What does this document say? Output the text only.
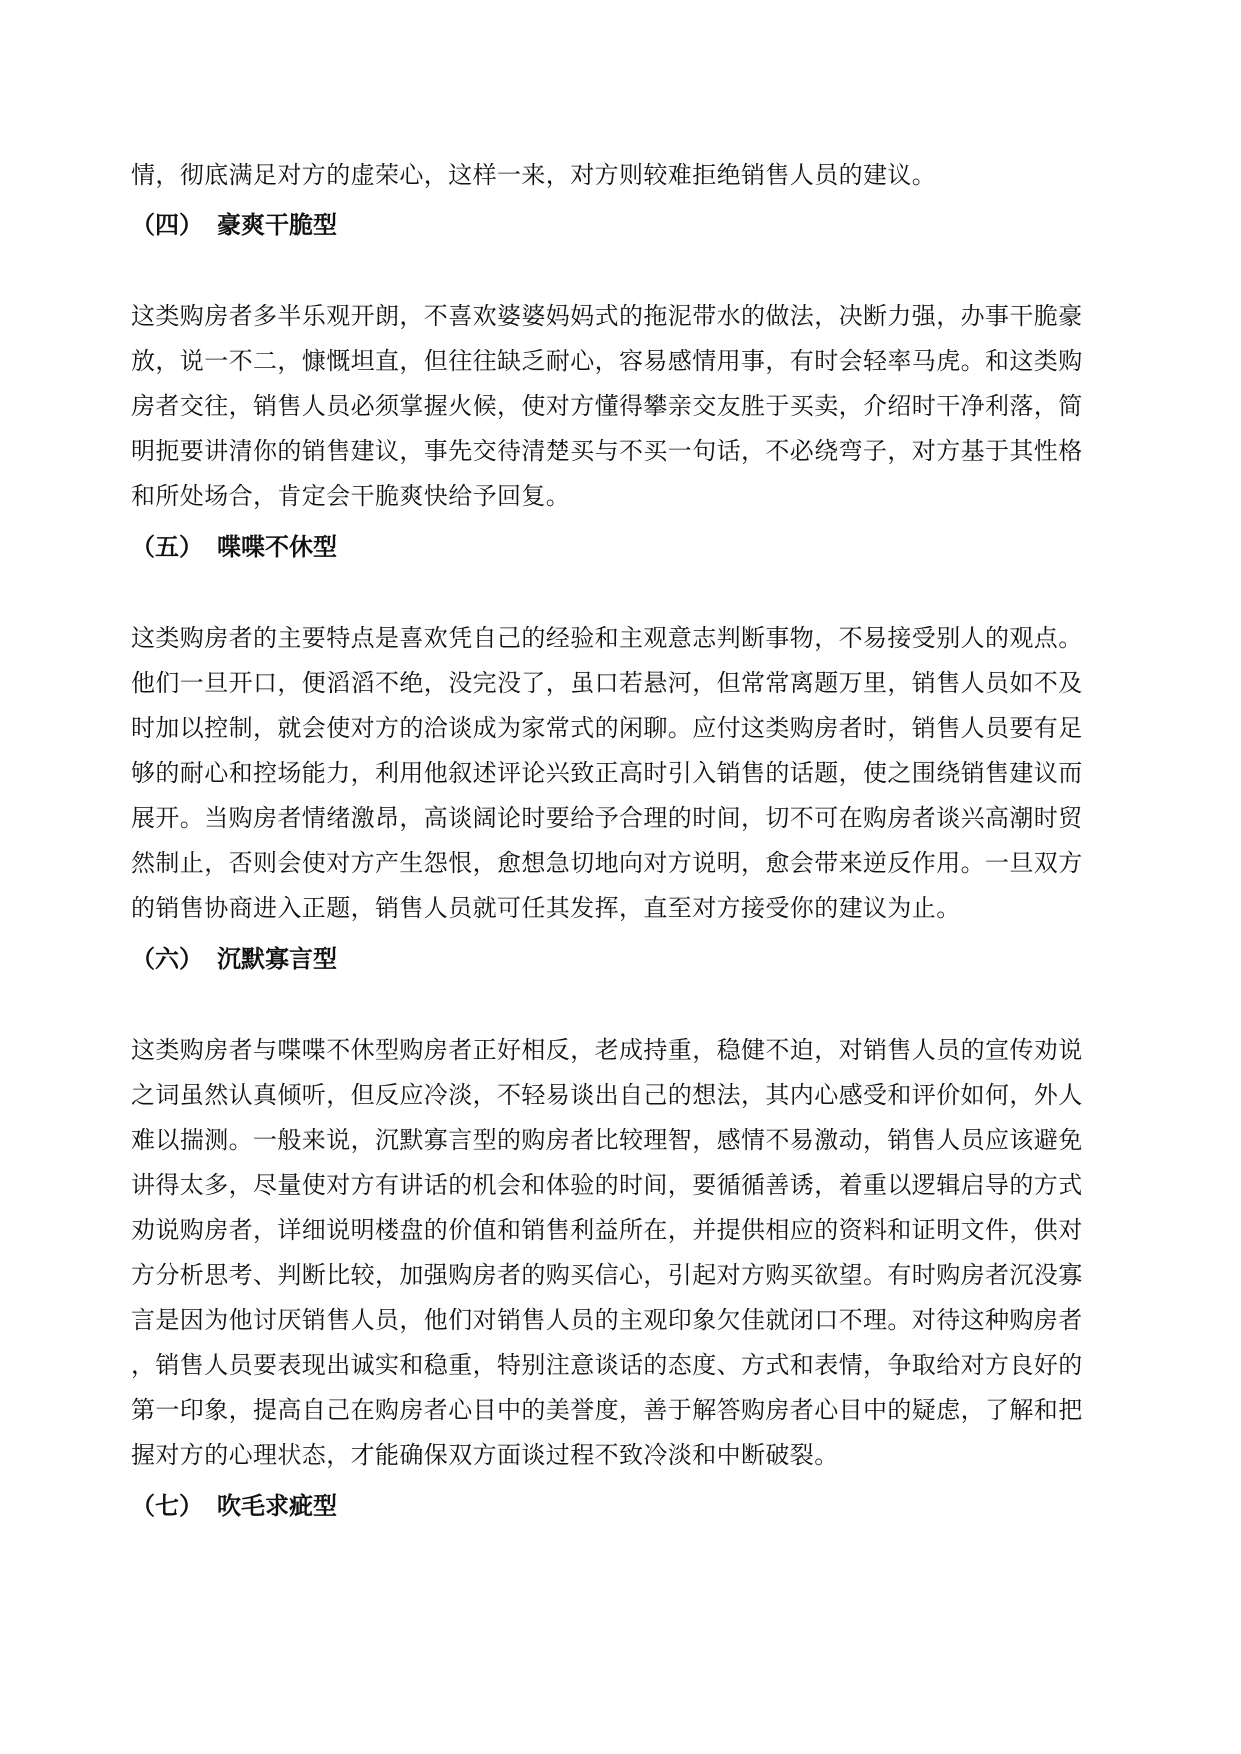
情，彻底满足对方的虚荣心，这样一来，对方则较难拒绝销售人员的建议。
（四） 豪爽干脆型
这类购房者多半乐观开朗，不喜欢婆婆妈妈式的拖泥带水的做法，决断力强，办事干脆豪
放，说一不二，慷慨坦直，但往往缺乏耐心，容易感情用事，有时会轻率马虎。和这类购
房者交往，销售人员必须掌握火候，使对方懂得攀亲交友胜于买卖，介绍时干净利落，简
明扼要讲清你的销售建议，事先交待清楚买与不买一句话，不必绕弯子，对方基于其性格
和所处场合，肯定会干脆爽快给予回复。
（五） 喋喋不休型
这类购房者的主要特点是喜欢凭自己的经验和主观意志判断事物，不易接受别人的观点。
他们一旦开口，便滔滔不绝，没完没了，虽口若悬河，但常常离题万里，销售人员如不及
时加以控制，就会使对方的洽谈成为家常式的闲聊。应付这类购房者时，销售人员要有足
够的耐心和控场能力，利用他叙述评论兴致正高时引入销售的话题，使之围绕销售建议而
展开。当购房者情绪激昂，高谈阔论时要给予合理的时间，切不可在购房者谈兴高潮时贸
然制止，否则会使对方产生怨恨，愈想急切地向对方说明，愈会带来逆反作用。一旦双方
的销售协商进入正题，销售人员就可任其发挥，直至对方接受你的建议为止。
（六） 沉默寡言型
这类购房者与喋喋不休型购房者正好相反，老成持重，稳健不迫，对销售人员的宣传劝说
之词虽然认真倾听，但反应冷淡，不轻易谈出自己的想法，其内心感受和评价如何，外人
难以揣测。一般来说，沉默寡言型的购房者比较理智，感情不易激动，销售人员应该避免
讲得太多，尽量使对方有讲话的机会和体验的时间，要循循善诱，着重以逻辑启导的方式
劝说购房者，详细说明楼盘的价值和销售利益所在，并提供相应的资料和证明文件，供对
方分析思考、判断比较，加强购房者的购买信心，引起对方购买欲望。有时购房者沉没寡
言是因为他讨厌销售人员，他们对销售人员的主观印象欠佳就闭口不理。对待这种购房者
，销售人员要表现出诚实和稳重，特别注意谈话的态度、方式和表情，争取给对方良好的
第一印象，提高自己在购房者心目中的美誉度，善于解答购房者心目中的疑虑，了解和把
握对方的心理状态，才能确保双方面谈过程不致冷淡和中断破裂。
（七） 吹毛求疵型
